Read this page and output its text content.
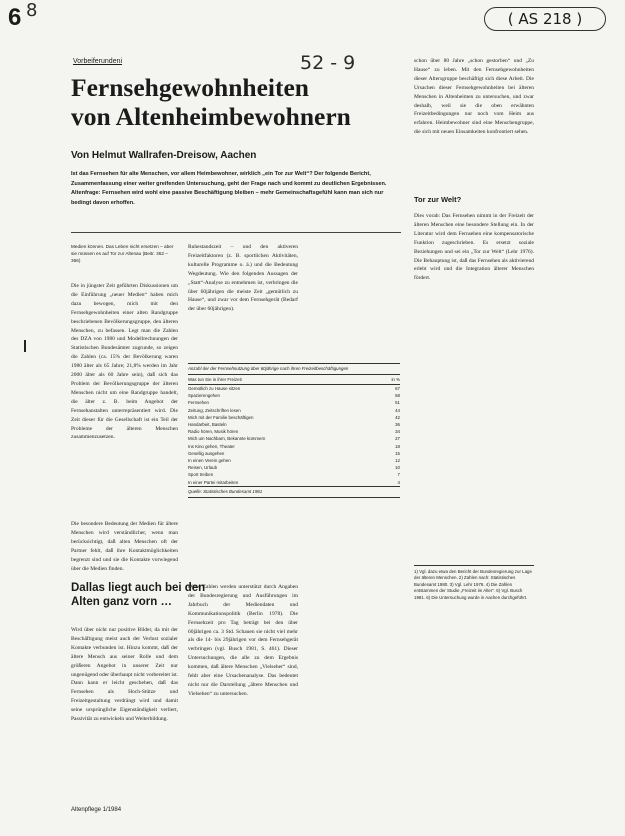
6 8
52 - 9
( AS 218 )
Vorbeiferundeni
Fernsehgewohnheiten
von Altenheimbewohnern
Von Helmut Wallrafen-Dreisow, Aachen
Ist das Fernsehen für alte Menschen, vor allem Heimbewohner, wirklich „ein Tor zur Welt“? Der folgende Bericht, Zusammenfassung einer weiter greifenden Untersuchung, geht der Frage nach und kommt zu deutlichen Ergebnissen. Altenfrage: Fernsehen wird wohl eine passive Beschäftigung bleiben – mehr Gemeinschaftsgefühl kann man sich nur bedingt davon erhoffen.
Medien können. Das Leben nicht ersetzen – aber sie müssen es auf Tor zur Altenau (Beitr. 362 – 366)
Die in jüngster Zeit geführten Diskussionen um die Einführung „neuer Medien“ haben mich dazu bewogen, mich mit den Fernsehgewohnheiten einer alten Randgruppe beschriebenen Bevölkerungsgruppe, den älteren Menschen, zu befassen. Legt man die Zahlen des DZA von 1980 und Modellrechnungen der Statistischen Bundesämter zugrunde, so zeigen die Zahlen (ca. 15% der Bevölkerung waren 1980 älter als 65 Jahre; 21,8% werden im Jahr 2000 älter als 60 Jahre sein), daß sich das Problem der Bevölkerungsgruppe der älteren Menschen nicht um eine Randgruppe handelt, die älter z. B. beim Angebot der Fernsehanstalten unterrepräsentiert wird. Die Zeit dieser für die Gesellschaft ist ein Teil der Probleme der älteren Menschen zusammenzusetzen.
Die besondere Bedeutung der Medien für ältere Menschen wird verständlicher, wenn man berücksichtigt, daß alten Menschen oft der Partner fehlt, daß ihre Kontaktmöglichkeiten begrenzt sind und sie die Kontakte vorwiegend über die Medien finden.
Dallas liegt auch bei den
Alten ganz vorn …
Wird über nicht nur positive Bilder, da mit der Beschäftigung meist auch der Verlust sozialer Kontakte verbunden ist. Hinzu kommt, daß der ältere Mensch aus seiner Rolle und dem größeren Angebot in unserer Zeit nur ungenügend oder überhaupt nicht vorbereitet ist. Dann kann er leicht geschehen, daß das Fernsehen als Hoch-Stütze und Freizeitgestaltung verdrängt wird und damit seine ursprüngliche Eigenständigkeit verliert, Passivität zu entwickeln und Weiterbildung.
Ruhestandszeit – und den aktiveren Freizeitfaktoren (z. B. sportlichen Aktivitäten, kulturelle Programme o. ä.) und die Bedeutung Wegdeutung. Wie den folgenden Aussagen der „Statt“-Analyse zu entnehmen ist, verbringen die über 60jährigen die meiste Zeit „gemütlich zu Hause“, und zwar vor dem Fernsehgerät (Bedarf der über 60jährigen).
Anzahl der der Fernsehnutzung über 60jährige nach ihren Freizeitbeschäftigungen
Was tun Sie in ihrer Freizeit	in %
Gemütlich zu Hause sitzen	67
Spazierengehen	58
Fernsehen	51
Zeitung, Zeitschriften lesen	44
Mich mit der Familie beschäftigen	42
Handarbeit, Basteln	36
Radio hören, Musik hören	34
Mich um Nachbarn, Bekannte kümmern	27
Ins Kino gehen, Theater	18
Gesellig ausgehen	15
In einen Verein gehen	12
Reisen, Urlaub	10
Sport treiben	7
In einer Partei mitarbeiten	4
Quelle: Statistisches Bundesamt 1981
Diese Zahlen werden unterstützt durch Angaben der Bundesregierung und Ausführungen im Jahrbuch der Mediendaten und Kommunikationspolitik (Berlin 1978). Die Fernsehzeit pro Tag beträgt bei den über 60jährigen ca. 3 Std. Schauen sie nicht viel mehr als die 14- bis 29jährigen vor dem Fernsehgerät verbringen (vgl. Busch 1981, S. 461). Dieser Untersuchungen, die alle zu dem Ergebnis kommen, daß ältere Menschen „Vielseher“ sind, fehlt aber eine Ursachenanalyse. Das bedeutet nicht nur die Darstellung „ältere Menschen und Vielsehen“ zu untersuchen.
schon über 80 Jahre „schon gestorben“ und „Zu Hause“ zu leben. Mit den Fernsehgewohnheiten dieser Altersgruppe beschäftigt sich diese Arbeit. Die Ursachen dieser Fernsehgewohnheiten bei älteren Menschen in Altenheimen zu untersuchen, und zwar deshalb, weil sie die oben erwähnten Freizeitbedingungen nur noch vom Heim aus erfahren. Heimbewohner sind eine Menschengruppe, die sich mit neuen Einsamkeiten konfrontiert sehen.
Tor zur Welt?
Dies vorab: Das Fernsehen nimmt in der Freizeit der älteren Menschen eine besondere Stellung ein. In der Literatur wird dem Fernsehen eine kompensatorische Funktion zugeschrieben. Es ersetzt soziale Beziehungen und sei ein „Tor zur Welt“ (Lehr 1976). Die Behauptung ist, daß das Fernsehen als aktivierend erlebt wird und die Integration älterer Menschen fördert.
1) Vgl. dazu etwa den Bericht der Bundesregierung zur Lage der älteren Menschen. 2) Zahlen nach: Statistisches Bundesamt 1980. 3) Vgl. Lehr 1976. 4) Die Zahlen entstammen der Studie „Freizeit im Alter“. 5) Vgl. Busch 1981. 6) Die Untersuchung wurde in Aachen durchgeführt.
Altenpflege 1/1984
